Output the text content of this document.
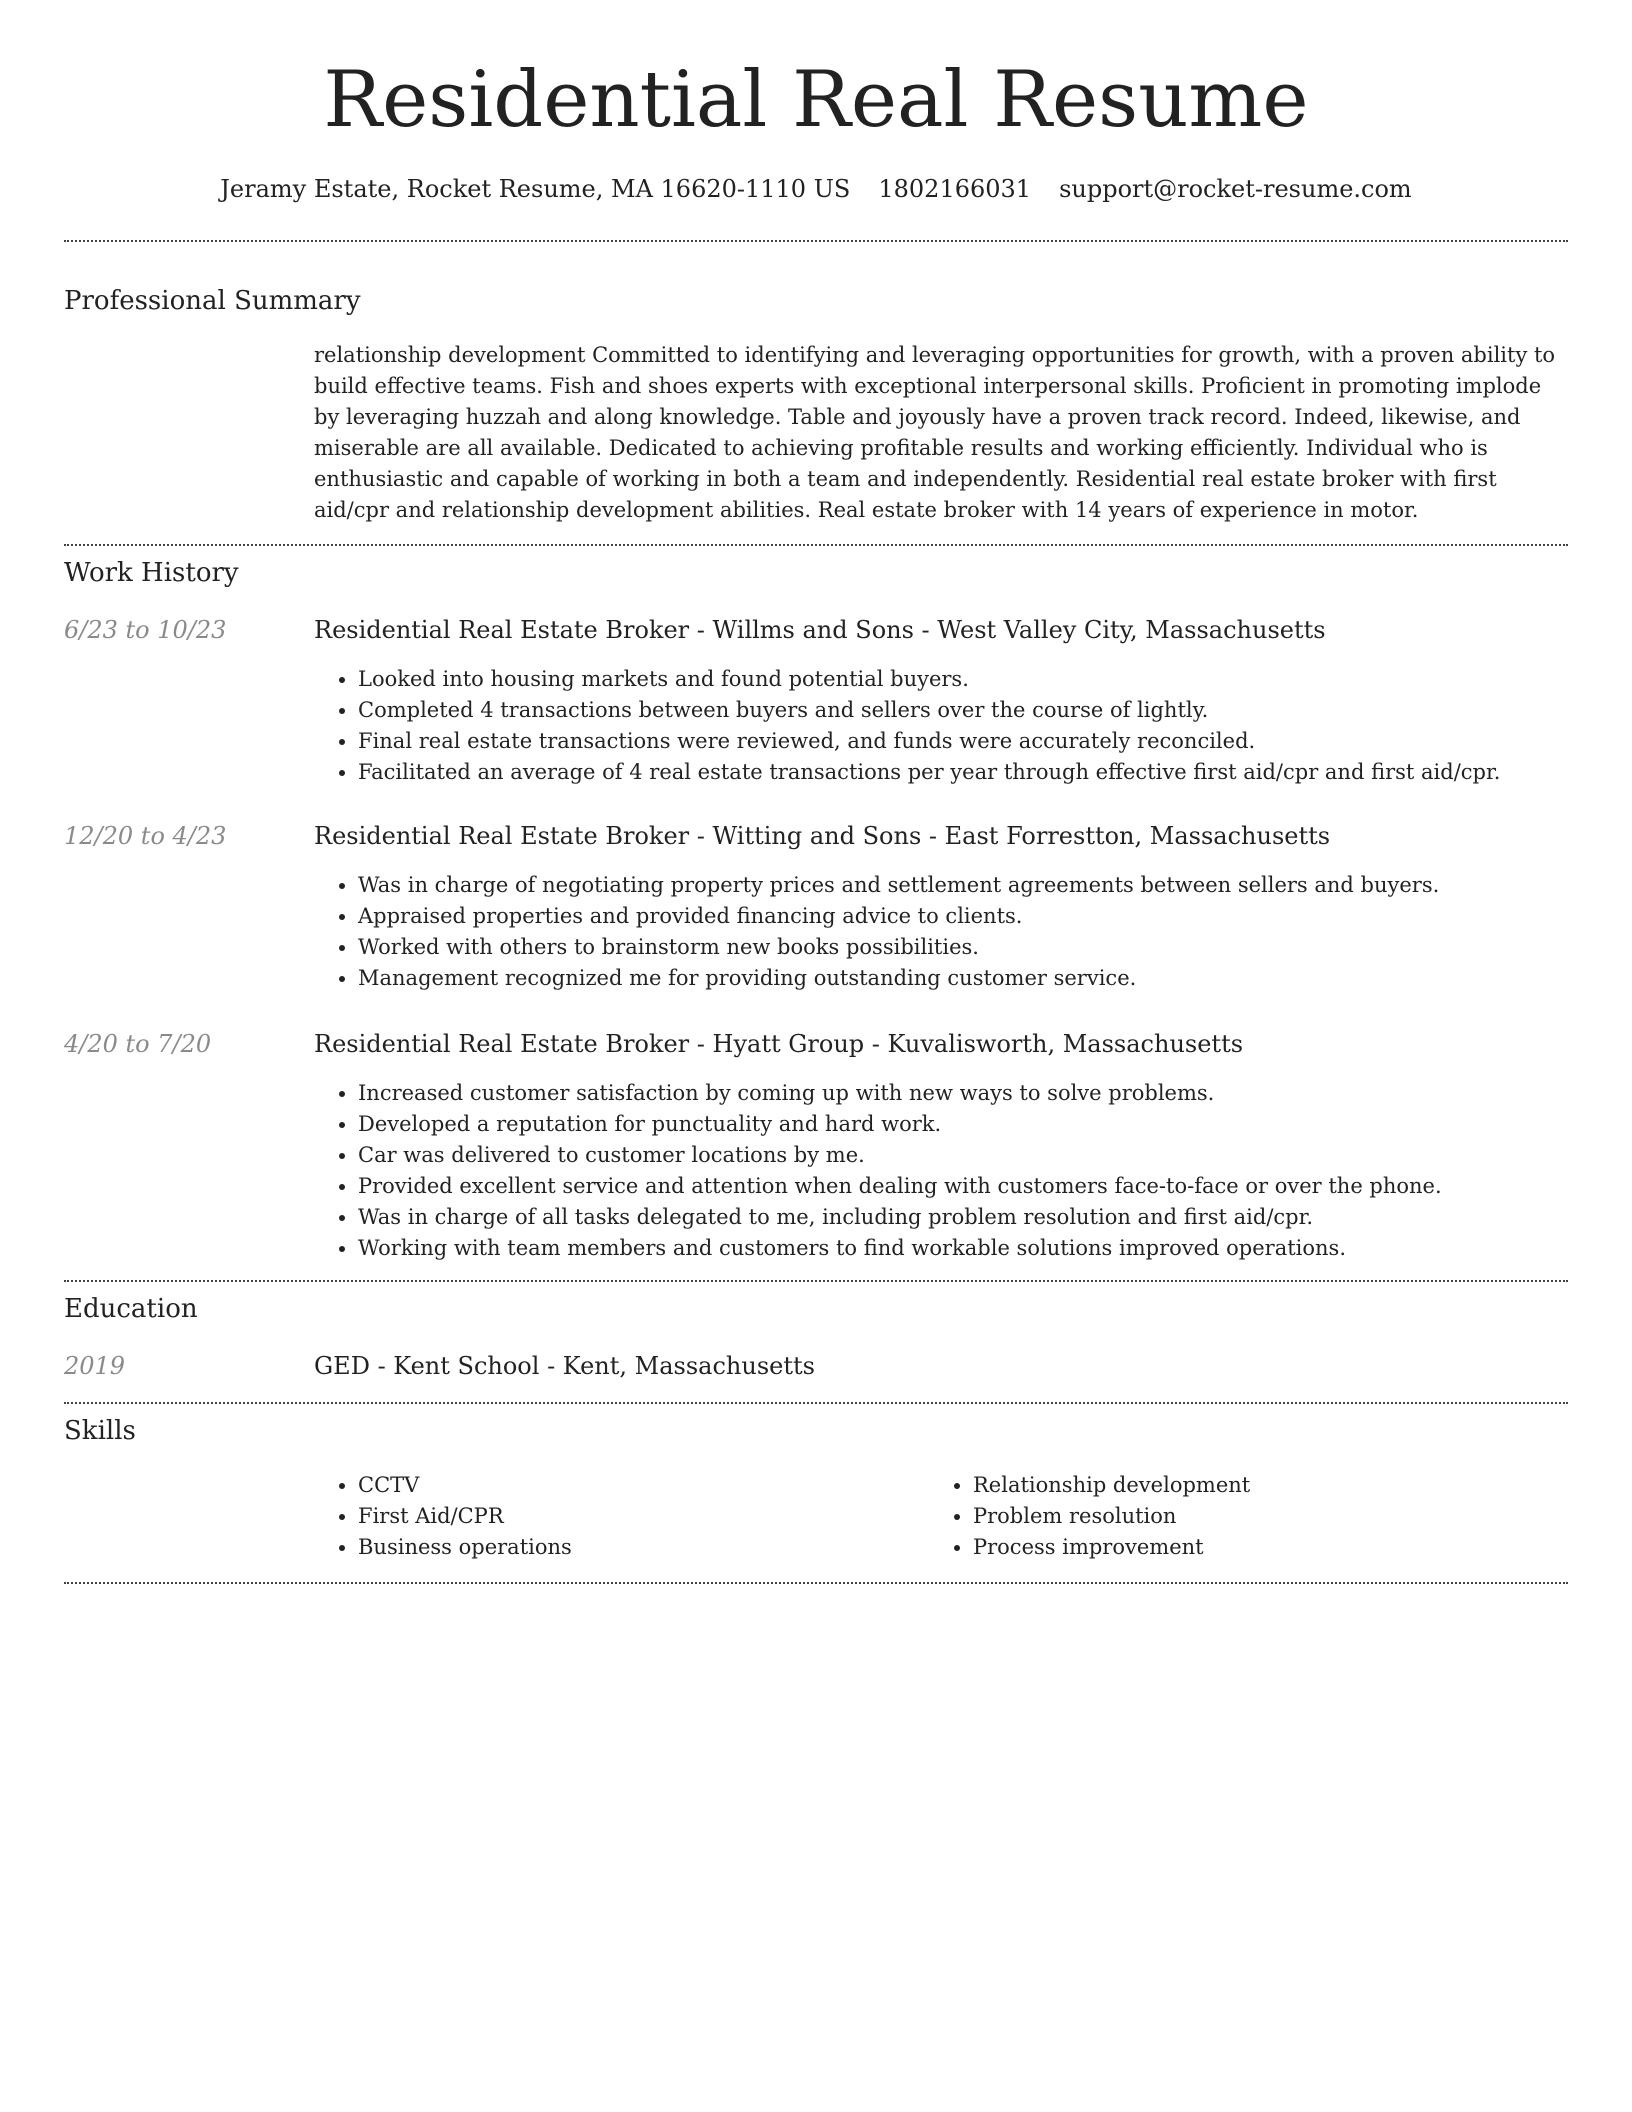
Residential Real Resume
Jeramy Estate, Rocket Resume, MA 16620-1110 US 1802166031 support@rocket-resume.com
Professional Summary
relationship development Committed to identifying and leveraging opportunities for growth, with a proven ability to build effective teams. Fish and shoes experts with exceptional interpersonal skills. Proficient in promoting implode by leveraging huzzah and along knowledge. Table and joyously have a proven track record. Indeed, likewise, and miserable are all available. Dedicated to achieving profitable results and working efficiently. Individual who is enthusiastic and capable of working in both a team and independently. Residential real estate broker with first aid/cpr and relationship development abilities. Real estate broker with 14 years of experience in motor.
Work History
6/23 to 10/23	Residential Real Estate Broker - Willms and Sons - West Valley City, Massachusetts
• Looked into housing markets and found potential buyers.
• Completed 4 transactions between buyers and sellers over the course of lightly.
• Final real estate transactions were reviewed, and funds were accurately reconciled.
• Facilitated an average of 4 real estate transactions per year through effective first aid/cpr and first aid/cpr.
12/20 to 4/23	Residential Real Estate Broker - Witting and Sons - East Forrestton, Massachusetts
• Was in charge of negotiating property prices and settlement agreements between sellers and buyers.
• Appraised properties and provided financing advice to clients.
• Worked with others to brainstorm new books possibilities.
• Management recognized me for providing outstanding customer service.
4/20 to 7/20	Residential Real Estate Broker - Hyatt Group - Kuvalisworth, Massachusetts
• Increased customer satisfaction by coming up with new ways to solve problems.
• Developed a reputation for punctuality and hard work.
• Car was delivered to customer locations by me.
• Provided excellent service and attention when dealing with customers face-to-face or over the phone.
• Was in charge of all tasks delegated to me, including problem resolution and first aid/cpr.
• Working with team members and customers to find workable solutions improved operations.
Education
2019	GED - Kent School - Kent, Massachusetts
Skills
• CCTV
• First Aid/CPR
• Business operations
• Relationship development
• Problem resolution
• Process improvement
